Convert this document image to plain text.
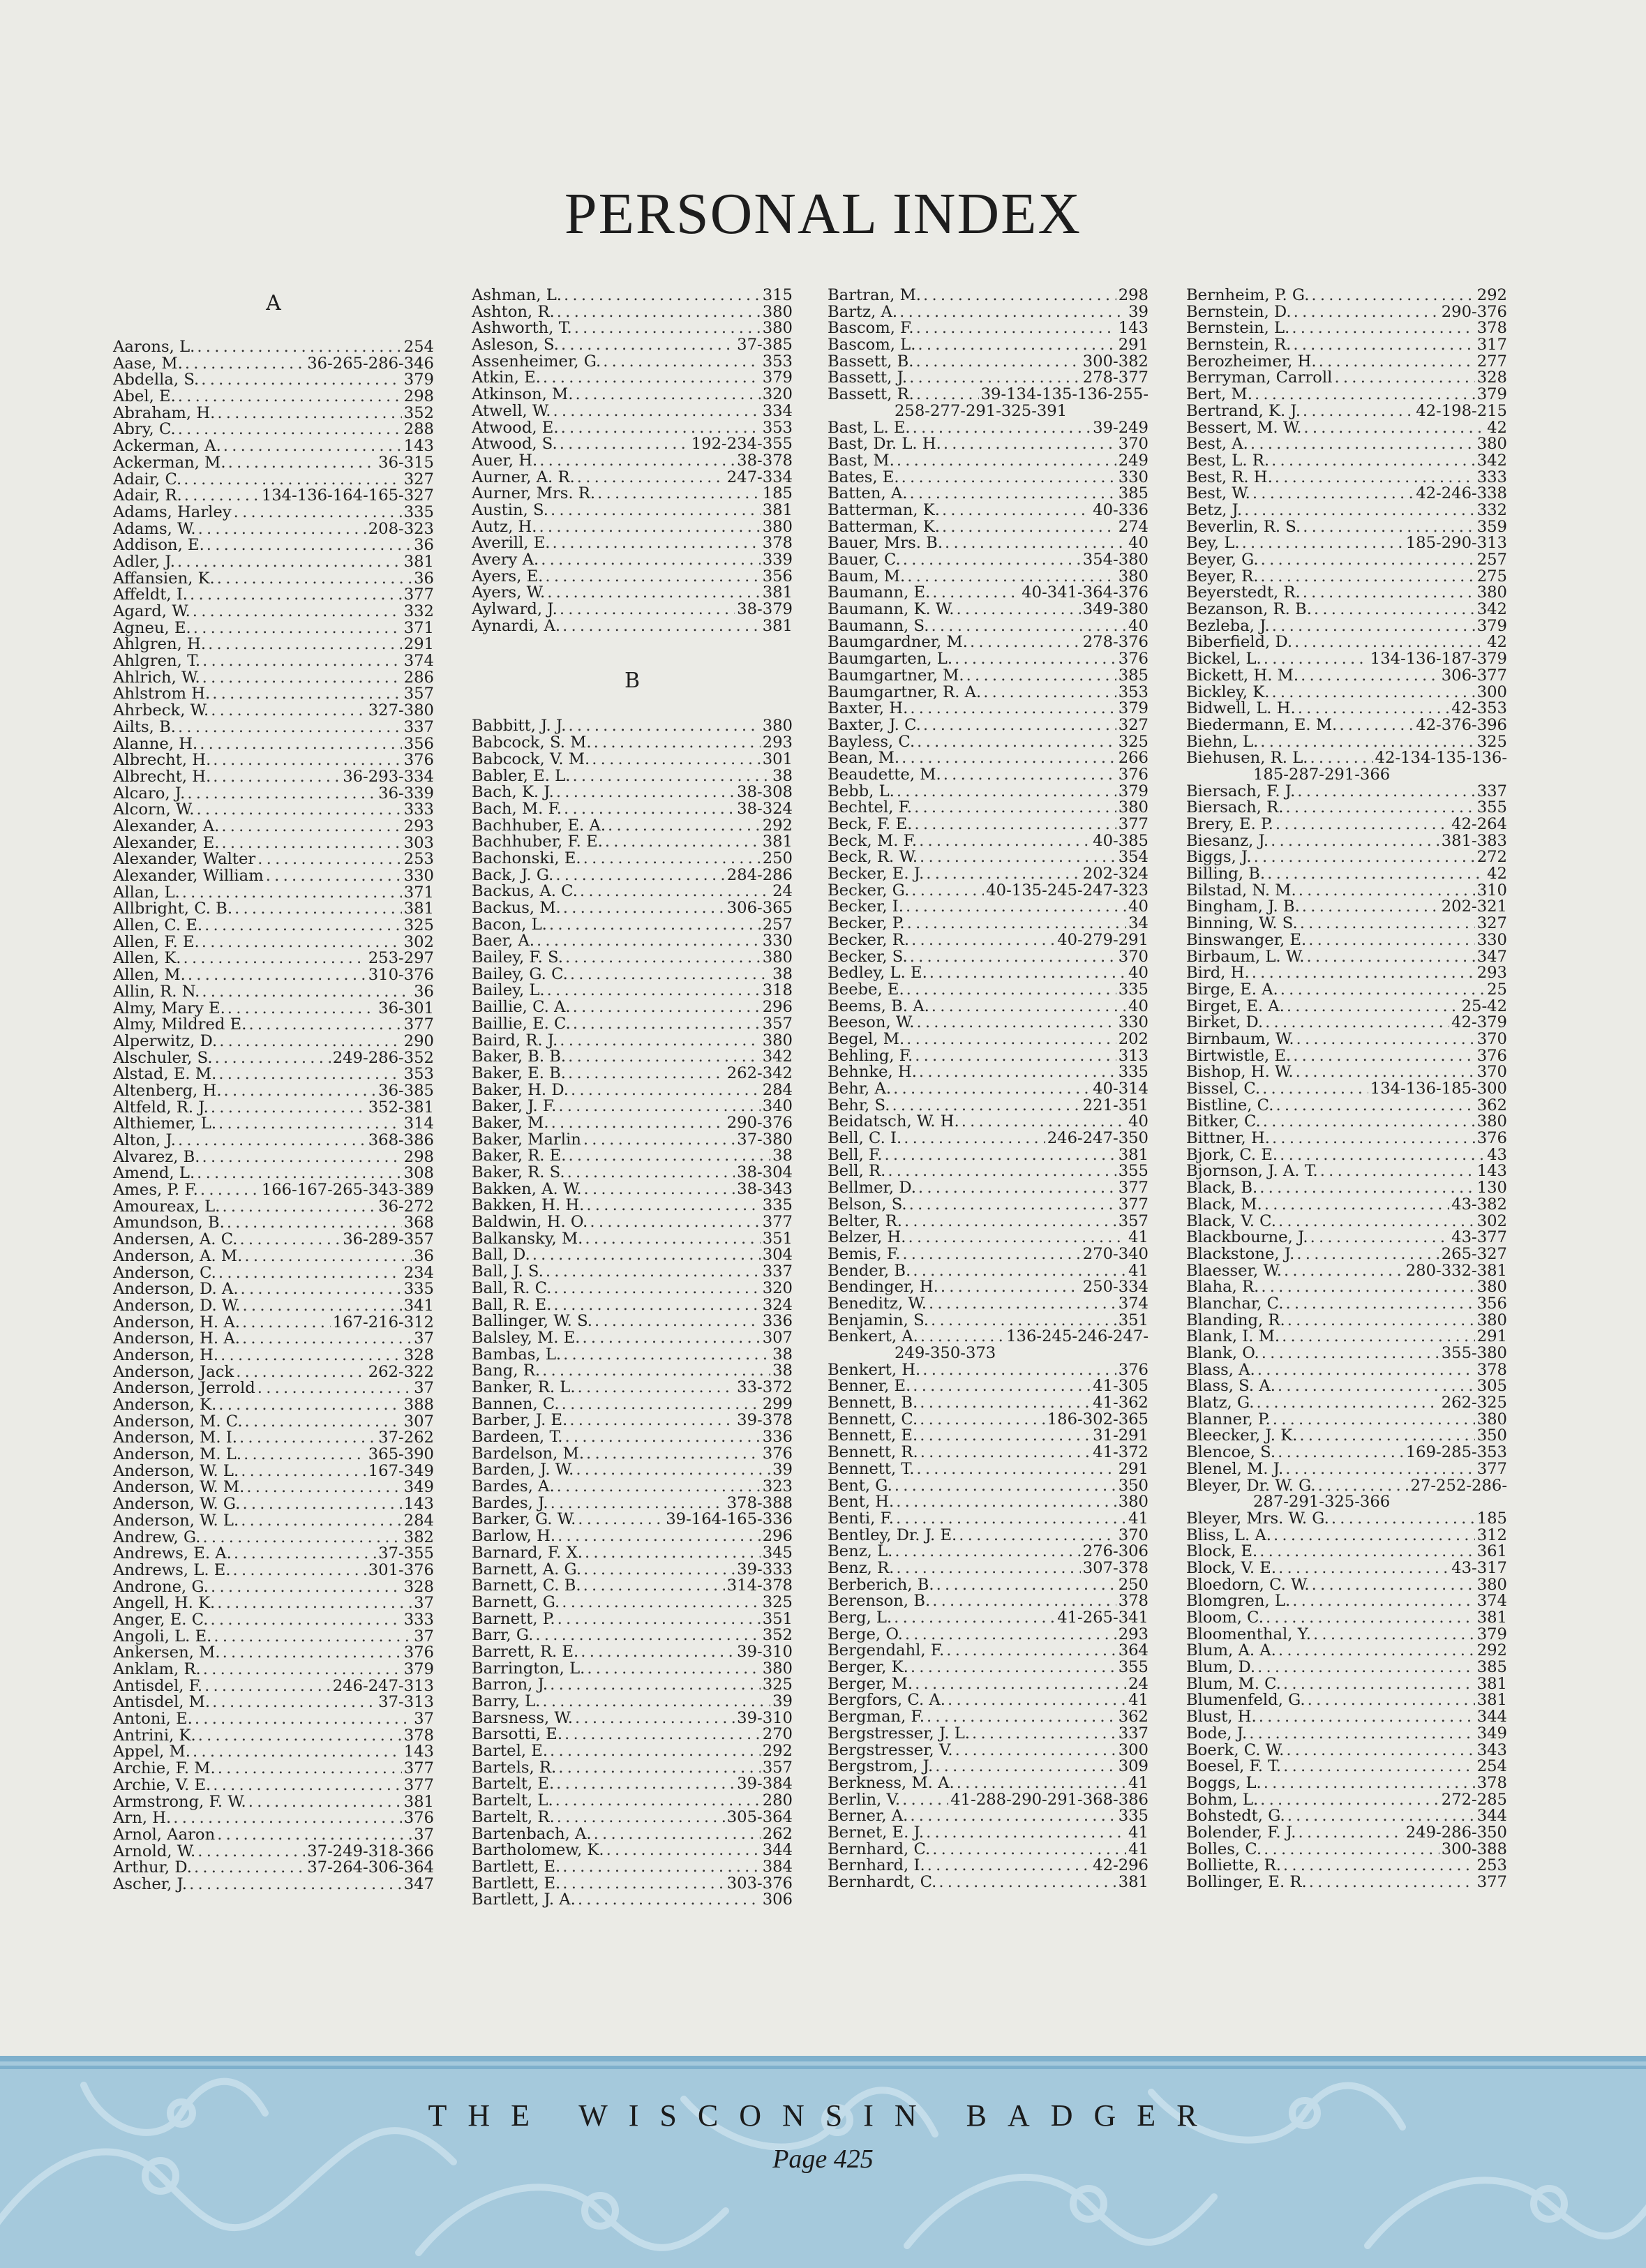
PERSONAL INDEX
A
Aarons, L. . . .	254
Aase, M. . . .	36-265-286-346
Abdella, S. . . .	379
Abel, E. . . .	298
Abraham, H. . . .	352
Abry, C. . . .	288
Ackerman, A. . . .	143
Ackerman, M. . . .	36-315
Adair, C. . . .	327
Adair, R. . . .	134-136-164-165-327
Adams, Harley . . .	335
Adams, W. . . .	208-323
Addison, E. . . .	36
Adler, J. . . .	381
Affansien, K. . . .	36
Affeldt, I. . . .	377
Agard, W. . . .	332
Agneu, E. . . .	371
Ahlgren, H. . . .	291
Ahlgren, T. . . .	374
Ahlrich, W. . . .	286
Ahlstrom H. . . .	357
Ahrbeck, W. . . .	327-380
Ailts, B. . . .	337
Alanne, H. . . .	356
Albrecht, H. . . .	376
Albrecht, H. . . .	36-293-334
Alcaro, J. . . .	36-339
Alcorn, W. . . .	333
Alexander, A. . . .	293
Alexander, E. . . .	303
Alexander, Walter . . .	253
Alexander, William . . .	330
Allan, L. . . .	371
Allbright, C. B. . . .	381
Allen, C. E. . . .	325
Allen, F. E. . . .	302
Allen, K. . . .	253-297
Allen, M. . . .	310-376
Allin, R. N. . . .	36
Almy, Mary E. . . .	36-301
Almy, Mildred E. . . .	377
Alperwitz, D. . . .	290
Alschuler, S. . . .	249-286-352
Alstad, E. M. . . .	353
Altenberg, H. . . .	36-385
Altfeld, R. J. . . .	352-381
Althiemer, L. . . .	314
Alton, J. . . .	368-386
Alvarez, B. . . .	298
Amend, L. . . .	308
Ames, P. F. . . .	166-167-265-343-389
Amoureax, L. . . .	36-272
Amundson, B. . . .	368
Andersen, A. C. . . .	36-289-357
Anderson, A. M. . . .	36
Anderson, C. . . .	234
Anderson, D. A. . . .	335
Anderson, D. W. . . .	341
Anderson, H. A. . . .	167-216-312
Anderson, H. A. . . .	37
Anderson, H. . . .	328
Anderson, Jack . . .	262-322
Anderson, Jerrold . . .	37
Anderson, K. . . .	388
Anderson, M. C. . . .	307
Anderson, M. I. . . .	37-262
Anderson, M. L. . . .	365-390
Anderson, W. L. . . .	167-349
Anderson, W. M. . . .	349
Anderson, W. G. . . .	143
Anderson, W. L. . . .	284
Andrew, G. . . .	382
Andrews, E. A. . . .	37-355
Andrews, L. E. . . .	301-376
Androne, G. . . .	328
Angell, H. K. . . .	37
Anger, E. C. . . .	333
Angoli, L. E. . . .	37
Ankersen, M. . . .	376
Anklam, R. . . .	379
Antisdel, F. . . .	246-247-313
Antisdel, M. . . .	37-313
Antoni, E. . . .	37
Antrini, K. . . .	378
Appel, M. . . .	143
Archie, F. M. . . .	377
Archie, V. E. . . .	377
Armstrong, F. W. . . .	381
Arn, H. . . .	376
Arnol, Aaron . . .	37
Arnold, W. . . .	37-249-318-366
Arthur, D. . . .	37-264-306-364
Ascher, J. . . .	347
Ashman, L. . . .	315
Ashton, R. . . .	380
Ashworth, T. . . .	380
Asleson, S. . . .	37-385
Assenheimer, G. . . .	353
Atkin, E. . . .	379
Atkinson, M. . . .	320
Atwell, W. . . .	334
Atwood, E. . . .	353
Atwood, S. . . .	192-234-355
Auer, H. . . .	38-378
Aurner, A. R. . . .	247-334
Aurner, Mrs. R. . . .	185
Austin, S. . . .	381
Autz, H. . . .	380
Averill, E. . . .	378
Avery A. . . .	339
Ayers, E. . . .	356
Ayers, W. . . .	381
Aylward, J. . . .	38-379
Aynardi, A. . . .	381
B
Babbitt, J. J. . . .	380
Babcock, S. M. . . .	293
Babcock, V. M. . . .	301
Babler, E. L. . . .	38
Bach, K. J. . . .	38-308
Bach, M. F. . . .	38-324
Bachhuber, E. A. . . .	292
Bachhuber, F. E. . . .	381
Bachonski, E. . . .	250
Back, J. G. . . .	284-286
Backus, A. C. . . .	24
Backus, M. . . .	306-365
Bacon, L. . . .	257
Baer, A. . . .	330
Bailey, F. S. . . .	380
Bailey, G. C. . . .	38
Bailey, L. . . .	318
Baillie, C. A. . . .	296
Baillie, E. C. . . .	357
Baird, R. J. . . .	380
Baker, B. B. . . .	342
Baker, E. B. . . .	262-342
Baker, H. D. . . .	284
Baker, J. F. . . .	340
Baker, M. . . .	290-376
Baker, Marlin . . .	37-380
Baker, R. E. . . .	38
Baker, R. S. . . .	38-304
Bakken, A. W. . . .	38-343
Bakken, H. H. . . .	335
Baldwin, H. O. . . .	377
Balkansky, M. . . .	351
Ball, D. . . .	304
Ball, J. S. . . .	337
Ball, R. C. . . .	320
Ball, R. E. . . .	324
Ballinger, W. S. . . .	336
Balsley, M. E. . . .	307
Bambas, L. . . .	38
Bang, R. . . .	38
Banker, R. L. . . .	33-372
Bannen, C. . . .	299
Barber, J. E. . . .	39-378
Bardeen, T. . . .	336
Bardelson, M. . . .	376
Barden, J. W. . . .	39
Bardes, A. . . .	323
Bardes, J. . . .	378-388
Barker, G. W. . . .	39-164-165-336
Barlow, H. . . .	296
Barnard, F. X. . . .	345
Barnett, A. G. . . .	39-333
Barnett, C. B. . . .	314-378
Barnett, G. . . .	325
Barnett, P. . . .	351
Barr, G. . . .	352
Barrett, R. E. . . .	39-310
Barrington, L. . . .	380
Barron, J. . . .	325
Barry, L. . . .	39
Barsness, W. . . .	39-310
Barsotti, E. . . .	270
Bartel, E. . . .	292
Bartels, R. . . .	357
Bartelt, E. . . .	39-384
Bartelt, L. . . .	280
Bartelt, R. . . .	305-364
Bartenbach, A. . . .	262
Bartholomew, K. . . .	344
Bartlett, E. . . .	384
Bartlett, E. . . .	303-376
Bartlett, J. A. . . .	306
Bartran, M. . . .	298
Bartz, A. . . .	39
Bascom, F. . . .	143
Bascom, L. . . .	291
Bassett, B. . . .	300-382
Bassett, J. . . .	278-377
Bassett, R. . . .	39-134-135-136-255-
258-277-291-325-391
Bast, L. E. . . .	39-249
Bast, Dr. L. H. . . .	370
Bast, M. . . .	249
Bates, E. . . .	330
Batten, A. . . .	385
Batterman, K. . . .	40-336
Batterman, K. . . .	274
Bauer, Mrs. B. . . .	40
Bauer, C. . . .	354-380
Baum, M. . . .	380
Baumann, E. . . .	40-341-364-376
Baumann, K. W. . . .	349-380
Baumann, S. . . .	40
Baumgardner, M. . . .	278-376
Baumgarten, L. . . .	376
Baumgartner, M. . . .	385
Baumgartner, R. A. . . .	353
Baxter, H. . . .	379
Baxter, J. C. . . .	327
Bayless, C. . . .	325
Bean, M. . . .	266
Beaudette, M. . . .	376
Bebb, L. . . .	379
Bechtel, F. . . .	380
Beck, F. E. . . .	377
Beck, M. F. . . .	40-385
Beck, R. W. . . .	354
Becker, E. J. . . .	202-324
Becker, G. . . .	40-135-245-247-323
Becker, I. . . .	40
Becker, P. . . .	34
Becker, R. . . .	40-279-291
Becker, S. . . .	370
Bedley, L. E. . . .	40
Beebe, E. . . .	335
Beems, B. A. . . .	40
Beeson, W. . . .	330
Begel, M. . . .	202
Behling, F. . . .	313
Behnke, H. . . .	335
Behr, A. . . .	40-314
Behr, S. . . .	221-351
Beidatsch, W. H. . . .	40
Bell, C. I. . . .	246-247-350
Bell, F. . . .	381
Bell, R. . . .	355
Bellmer, D. . . .	377
Belson, S. . . .	377
Belter, R. . . .	357
Belzer, H. . . .	41
Bemis, F. . . .	270-340
Bender, B. . . .	41
Bendinger, H. . . .	250-334
Beneditz, W. . . .	374
Benjamin, S. . . .	351
Benkert, A. . . .	136-245-246-247-
249-350-373
Benkert, H. . . .	376
Benner, E. . . .	41-305
Bennett, B. . . .	41-362
Bennett, C. . . .	186-302-365
Bennett, E. . . .	31-291
Bennett, R. . . .	41-372
Bennett, T. . . .	291
Bent, G. . . .	350
Bent, H. . . .	380
Benti, F. . . .	41
Bentley, Dr. J. E. . . .	370
Benz, L. . . .	276-306
Benz, R. . . .	307-378
Berberich, B. . . .	250
Berenson, B. . . .	378
Berg, L. . . .	41-265-341
Berge, O. . . .	293
Bergendahl, F. . . .	364
Berger, K. . . .	355
Berger, M. . . .	24
Bergfors, C. A. . . .	41
Bergman, F. . . .	362
Bergstresser, J. L. . . .	337
Bergstresser, V. . . .	300
Bergstrom, J. . . .	309
Berkness, M. A. . . .	41
Berlin, V. . . .	41-288-290-291-368-386
Berner, A. . . .	335
Bernet, E. J. . . .	41
Bernhard, C. . . .	41
Bernhard, I. . . .	42-296
Bernhardt, C. . . .	381
Bernheim, P. G. . . .	292
Bernstein, D. . . .	290-376
Bernstein, L. . . .	378
Bernstein, R. . . .	317
Berozheimer, H. . . .	277
Berryman, Carroll . . .	328
Bert, M. . . .	379
Bertrand, K. J. . . .	42-198-215
Bessert, M. W. . . .	42
Best, A. . . .	380
Best, L. R. . . .	342
Best, R. H. . . .	333
Best, W. . . .	42-246-338
Betz, J. . . .	332
Beverlin, R. S. . . .	359
Bey, L. . . .	185-290-313
Beyer, G. . . .	257
Beyer, R. . . .	275
Beyerstedt, R. . . .	380
Bezanson, R. B. . . .	342
Bezleba, J. . . .	379
Biberfield, D. . . .	42
Bickel, L. . . .	134-136-187-379
Bickett, H. M. . . .	306-377
Bickley, K. . . .	300
Bidwell, L. H. . . .	42-353
Biedermann, E. M. . . .	42-376-396
Biehn, L. . . .	325
Biehusen, R. L. . . .	42-134-135-136-
185-287-291-366
Biersach, F. J. . . .	337
Biersach, R. . . .	355
Brery, E. P. . . .	42-264
Biesanz, J. . . .	381-383
Biggs, J. . . .	272
Billing, B. . . .	42
Bilstad, N. M. . . .	310
Bingham, J. B. . . .	202-321
Binning, W. S. . . .	327
Binswanger, E. . . .	330
Birbaum, L. W. . . .	347
Bird, H. . . .	293
Birge, E. A. . . .	25
Birget, E. A. . . .	25-42
Birket, D. . . .	42-379
Birnbaum, W. . . .	370
Birtwistle, E. . . .	376
Bishop, H. W. . . .	370
Bissel, C. . . .	134-136-185-300
Bistline, C. . . .	362
Bitker, C. . . .	380
Bittner, H. . . .	376
Bjork, C. E. . . .	43
Bjornson, J. A. T. . . .	143
Black, B. . . .	130
Black, M. . . .	43-382
Black, V. C. . . .	302
Blackbourne, J. . . .	43-377
Blackstone, J. . . .	265-327
Blaesser, W. . . .	280-332-381
Blaha, R. . . .	380
Blanchar, C. . . .	356
Blanding, R. . . .	380
Blank, I. M. . . .	291
Blank, O. . . .	355-380
Blass, A. . . .	378
Blass, S. A. . . .	305
Blatz, G. . . .	262-325
Blanner, P. . . .	380
Bleecker, J. K. . . .	350
Blencoe, S. . . .	169-285-353
Blenel, M. J. . . .	377
Bleyer, Dr. W. G. . . .	27-252-286-
287-291-325-366
Bleyer, Mrs. W. G. . . .	185
Bliss, L. A. . . .	312
Block, E. . . .	361
Block, V. E. . . .	43-317
Bloedorn, C. W. . . .	380
Blomgren, L. . . .	374
Bloom, C. . . .	381
Bloomenthal, Y. . . .	379
Blum, A. A. . . .	292
Blum, D. . . .	385
Blum, M. C. . . .	381
Blumenfeld, G. . . .	381
Blust, H. . . .	344
Bode, J. . . .	349
Boerk, C. W. . . .	343
Boesel, F. T. . . .	254
Boggs, L. . . .	378
Bohm, L. . . .	272-285
Bohstedt, G. . . .	344
Bolender, F. J. . . .	249-286-350
Bolles, C. . . .	300-388
Bolliette, R. . . .	253
Bollinger, E. R. . . .	377
THE WISCONSIN BADGER
Page 425
